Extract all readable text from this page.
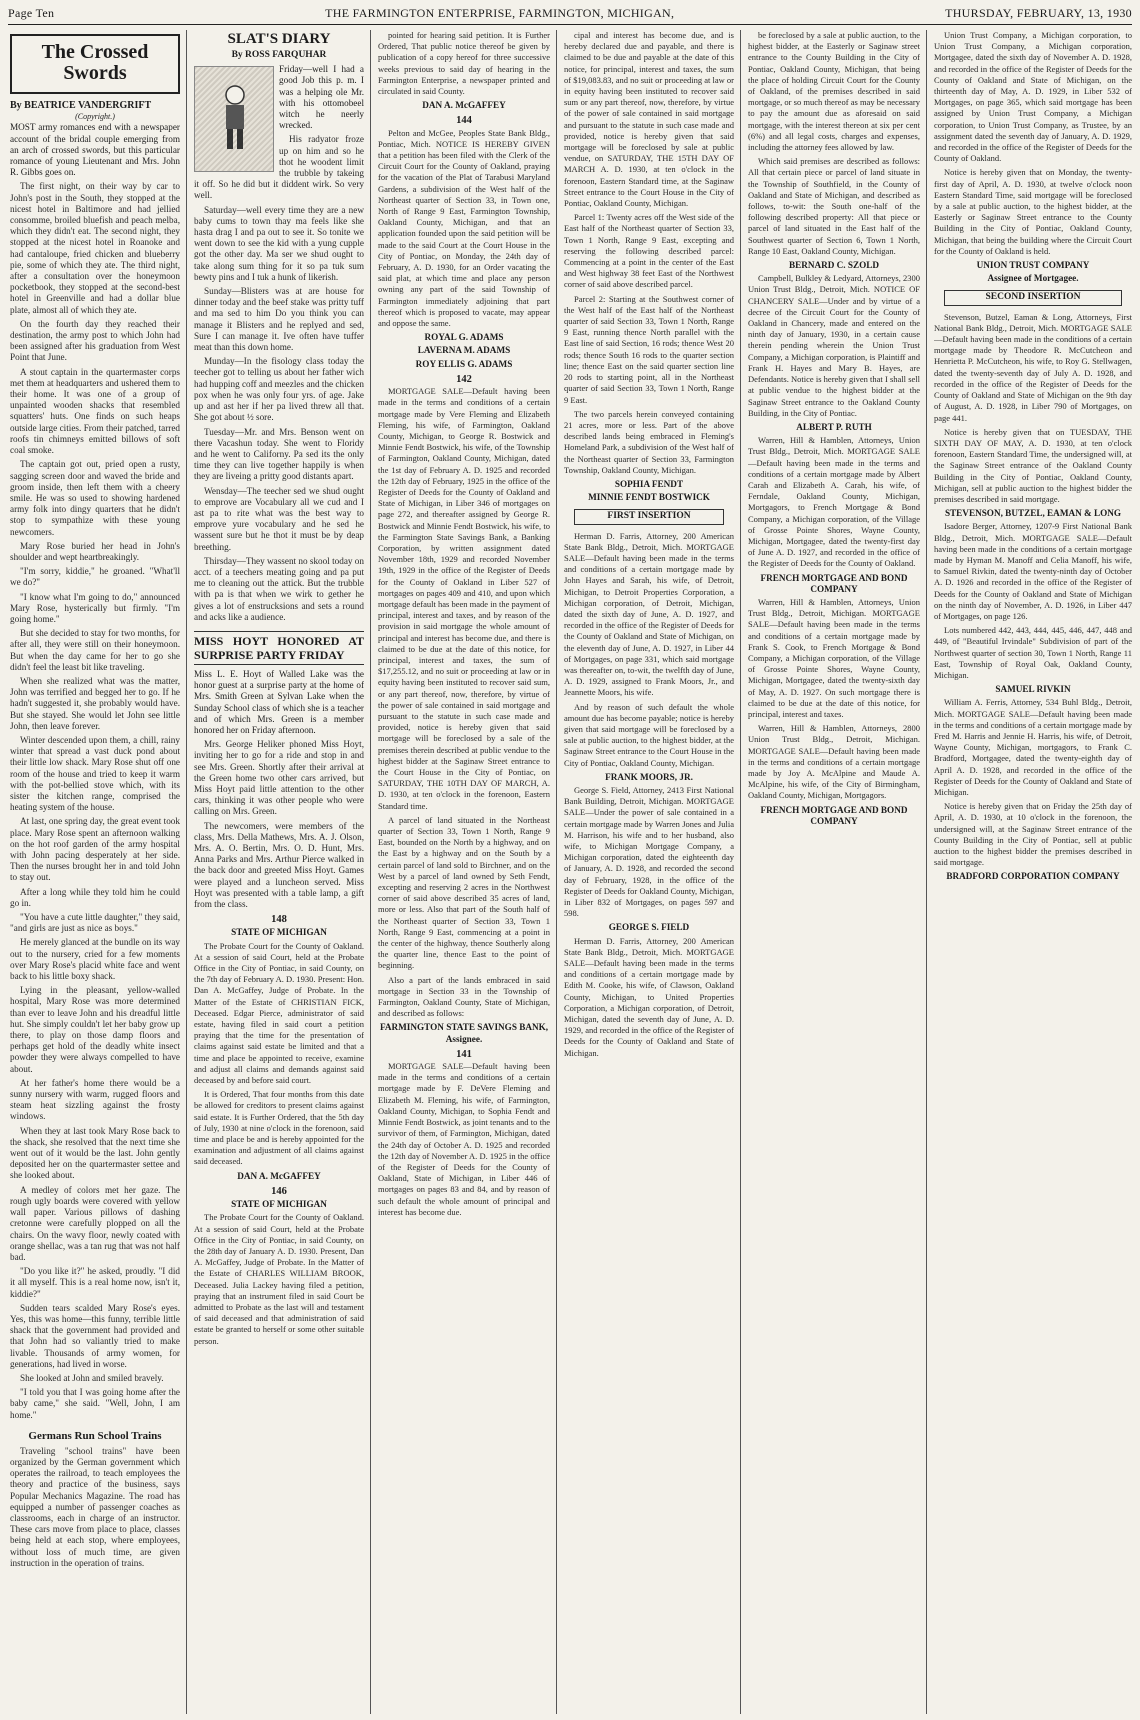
Page Ten	THE FARMINGTON ENTERPRISE, FARMINGTON, MICHIGAN,	THURSDAY, FEBRUARY, 13, 1930
The Crossed Swords
By BEATRICE VANDERGRIFT
(Copyright.)

MOST army romances end with a newspaper account of the bridal couple emerging from an arch of crossed swords, but this particular romance of young Lieutenant and Mrs. John R. Gibbs goes on.

The first night, on their way by car to John's post in the South, they stopped at the nicest hotel in Baltimore and had jellied consomme, broiled bluefish and peach melba, which they didn't eat. The second night, they stopped at the nicest hotel in Roanoke and had cantaloupe, fried chicken and blueberry pie, some of which they ate. The third night, after a consultation over the honeymoon pocketbook, they stopped at the second-best hotel in Greenville and had a dollar blue plate, almost all of which they ate.

On the fourth day they reached their destination, the army post to which John had been assigned after his graduation from West Point that June.

A stout captain in the quartermaster corps met them at headquarters and ushered them to their home. It was one of a group of unpainted wooden shacks that resembled squatters' huts. One finds on such heaps outside large cities. From their patched, tarred roofs tin chimneys emitted billows of soft coal smoke.

The captain got out, pried open a rusty, sagging screen door and waved the bride and groom inside, then left them with a cheery smile. He was so used to showing hardened army folk into dingy quarters that he didn't stop to sympathize with these young newcomers.

Mary Rose buried her head in John's shoulder and wept heartbreakingly.

"I'm sorry, kiddie," he groaned. "What'll we do?"

"I know what I'm going to do," announced Mary Rose, hysterically but firmly. "I'm going home."

But she decided to stay for two months, for after all, they were still on their honeymoon. But when the day came for her to go she didn't feel the least bit like traveling.

When she realized what was the matter, John was terrified and begged her to go. If he hadn't suggested it, she probably would have. But she stayed. She would let John see little John, then leave forever.

Winter descended upon them, a chill, rainy winter that spread a vast duck pond about their little low shack. Mary Rose shut off one room of the house and tried to keep it warm with the pot-bellied stove which, with its sister the kitchen range, comprised the heating system of the house.

At last, one spring day, the great event took place. Mary Rose spent an afternoon walking on the hot roof garden of the army hospital with John pacing desperately at her side. Then the nurses brought her in and told John to stay out.

After a long while they told him he could go in.

"You have a cute little daughter," they said, "and girls are just as nice as boys."

He merely glanced at the bundle on its way out to the nursery, cried for a few moments over Mary Rose's placid white face and went back to his little boxy shack.

Lying in the pleasant, yellow-walled hospital, Mary Rose was more determined than ever to leave John and his dreadful little hut. She simply couldn't let her baby grow up there, to play on those damp floors and perhaps get hold of the deadly white insect powder they were always compelled to have about.

At her father's home there would be a sunny nursery with warm, rugged floors and steam heat sizzling against the frosty windows.

When they at last took Mary Rose back to the shack, she resolved that the next time she went out of it would be the last. John gently deposited her on the quartermaster settee and she looked about.

A medley of colors met her gaze. The rough ugly boards were covered with yellow wall paper. Various pillows of dashing cretonne were carefully plopped on all the chairs. On the wavy floor, newly coated with orange shellac, was a tan rug that was not half bad.

"Do you like it?" he asked, proudly. "I did it all myself. This is a real home now, isn't it, kiddie?"

Sudden tears scalded Mary Rose's eyes. Yes, this was home—this funny, terrible little shack that the government had provided and that John had so valiantly tried to make livable. Thousands of army women, for generations, had lived in worse.

She looked at John and smiled bravely.

"I told you that I was going home after the baby came," she said. "Well, John, I am home."

Germans Run School Trains

Traveling "school trains" have been organized by the German government which operates the railroad, to teach employees the theory and practice of the business, says Popular Mechanics Magazine. The road has equipped a number of passenger coaches as classrooms, each in charge of an instructor. These cars move from place to place, classes being held at each stop, where employees, without loss of much time, are given instruction in the operation of trains.

SLAT'S DIARY
By ROSS FARQUHAR

Friday—well I had a good Job this p. m. I was a helping ole Mr. with his ottomobeel witch he neerly wrecked.

His radyator froze up on him and so he thot he woodent limit the trubble by takeing it off. So he did but it diddent wirk. So very well.

Saturday—well every time they are a new baby cums to town thay ma feels like she hasta drag I and pa out to see it. So tonite we went down to see the kid with a yung cupple got the other day. Ma ser we shud ought to take along sum thing for it so pa tuk sum bewty pins and I tuk a hunk of likerish.

Sunday—Blisters was at are house for dinner today and the beef stake was pritty tuff and ma sed to him Do you think you can manage it Blisters and he replyed and sed, Sure I can manage it. Ive often have tuffer meat than this down home.

Munday—In the fisology class today the teecher got to telling us about her father wich had hupping coff and meezles and the chicken pox when he was only four yrs. of age. Jake up and ast her if her pa lived threw all that. She got about ½ sore.

Tuesday—Mr. and Mrs. Benson went on there Vacashun today. She went to Floridy and he went to Californy. Pa sed its the only time they can live together happily is when they are liveing a pritty good distants apart.

Wensday—The teecher sed we shud ought to emprove are Vocabulary all we cud and I ast pa to rite what was the best way to emprove yure vocabulary and he sed he wassent sure but he thot it must be by deap breething.

Thirsday—They wassent no skool today on acct. of a teechers meating going and pa put me to cleaning out the attick. But the trubble with pa is that when we wirk to gether he gives a lot of enstrucksions and sets a round and acks like a audience.

MISS HOYT HONORED AT SURPRISE PARTY FRIDAY

Miss L. E. Hoyt of Walled Lake was the honor guest at a surprise party at the home of Mrs. Smith Green at Sylvan Lake when the Sunday School class of which she is a teacher and of which Mrs. Green is a member honored her on Friday afternoon.

Mrs. George Heliker phoned Miss Hoyt, inviting her to go for a ride and stop in and see Mrs. Green. Shortly after their arrival at the Green home two other cars arrived, but Miss Hoyt paid little attention to the other cars, thinking it was other people who were calling on Mrs. Green.

The newcomers, were members of the class, Mrs. Della Mathews, Mrs. A. J. Olson, Mrs. A. O. Bertin, Mrs. O. D. Hunt, Mrs. Anna Parks and Mrs. Arthur Pierce walked in the back door and greeted Miss Hoyt. Games were played and a luncheon served. Miss Hoyt was presented with a table lamp, a gift from the class.

148
STATE OF MICHIGAN

The Probate Court for the County of Oakland. At a session of said Court, held at the Probate Office in the City of Pontiac, in said County, on the 7th day of February A. D. 1930. Present: Hon. Dan A. McGaffey, Judge of Probate. In the Matter of the Estate of CHRISTIAN FICK, Deceased. Edgar Pierce, administrator of said estate, having filed in said court a petition praying that the time for the presentation of claims against said estate be limited and that a time and place be appointed to receive, examine and adjust all claims and demands against said deceased by and before said court.

It is Ordered, That four months from this date be allowed for creditors to present claims against said estate. It is Further Ordered, that the 5th day of July, 1930 at nine o'clock in the forenoon, said time and place be and is hereby appointed for the examination and adjustment of all claims against said deceased.

DAN A. McGAFFEY
146
STATE OF MICHIGAN

The Probate Court for the County of Oakland. At a session of said Court, held at the Probate Office in the City of Pontiac, in said County, on the 28th day of January A. D. 1930. Present, Dan A. McGaffey, Judge of Probate. In the Matter of the Estate of CHARLES WILLIAM BROOK, Deceased. Julia Lackey having filed a petition, praying that an instrument filed in said Court be admitted to Probate as the last will and testament of said deceased and that administration of said estate be granted to herself or some other suitable person.

pointed for hearing said petition. It is Further Ordered, That public notice thereof be given by publication of a copy hereof for three successive weeks previous to said day of hearing in the Farmington Enterprise, a newspaper printed and circulated in said County.

DAN A. McGAFFEY
144

Pelton and McGee, Peoples State Bank Bldg., Pontiac, Mich. NOTICE IS HEREBY GIVEN that a petition has been filed with the Clerk of the Circuit Court for the County of Oakland, praying for the vacation of the Plat of Tarabusi Maryland Gardens, a subdivision of the West half of the Northeast quarter of Section 33, in Town one, North of Range 9 East, Farmington Township, Oakland County, Michigan, and that an application founded upon the said petition will be made to the said Court at the Court House in the City of Pontiac, on Monday, the 24th day of February, A. D. 1930, for an Order vacating the said plat, at which time and place any person owning any part of the said Township of Farmington immediately adjoining that part thereof which is proposed to vacate, may appear and oppose the same.

ROYAL G. ADAMS
LAVERNA M. ADAMS
ROY ELLIS G. ADAMS
142

MORTGAGE SALE—Default having been made in the terms and conditions of a certain mortgage made by Vere Fleming and Elizabeth Fleming, his wife, of Farmington, Oakland County, Michigan, to George R. Bostwick and Minnie Fendt Bostwick, his wife, of the Township of Farmington, Oakland County, Michigan, dated the 1st day of February A. D. 1925 and recorded the 12th day of February, 1925 in the office of the Register of Deeds for the County of Oakland and State of Michigan, in Liber 346 of mortgages on page 272, and thereafter assigned by George R. Bostwick and Minnie Fendt Bostwick, his wife, to the Farmington State Savings Bank, a Banking Corporation, by written assignment dated November 18th, 1929 and recorded November 19th, 1929 in the office of the Register of Deeds for the County of Oakland in Liber 527 of mortgages on pages 409 and 410, and upon which mortgage default has been made in the payment of principal, interest and taxes, and by reason of the provision in said mortgage the whole amount of principal and interest has become due, and there is claimed to be due at the date of this notice, for principal, interest and taxes, the sum of $17,255.12, and no suit or proceeding at law or in equity having been instituted to recover said sum, or any part thereof, now, therefore, by virtue of the power of sale contained in said mortgage and pursuant to the statute in such case made and provided, notice is hereby given that said mortgage will be foreclosed by a sale of the premises therein described at public vendue to the highest bidder at the Saginaw Street entrance to the Court House in the City of Pontiac, on SATURDAY, THE 10TH DAY OF MARCH, A. D. 1930, at ten o'clock in the forenoon, Eastern Standard time.

A parcel of land situated in the Northeast quarter of Section 33, Town 1 North, Range 9 East, bounded on the North by a highway, and on the East by a highway and on the South by a certain parcel of land sold to Birchner, and on the West by a parcel of land owned by Seth Fendt, excepting and reserving 2 acres in the Northwest corner of said above described 35 acres of land, more or less. Also that part of the South half of the Northeast quarter of Section 33, Town 1 North, Range 9 East, commencing at a point in the center of the highway, thence Southerly along the quarter line, thence East to the point of beginning.

Also a part of the lands embraced in said mortgage in Section 33 in the Township of Farmington, Oakland County, State of Michigan, and described as follows:

FARMINGTON STATE SAVINGS BANK, Assignee.
141

MORTGAGE SALE—Default having been made in the terms and conditions of a certain mortgage made by F. DeVere Fleming and Elizabeth M. Fleming, his wife, of Farmington, Oakland County, Michigan, to Sophia Fendt and Minnie Fendt Bostwick, as joint tenants and to the survivor of them, of Farmington, Michigan, dated the 24th day of October A. D. 1925 and recorded the 12th day of November A. D. 1925 in the office of the Register of Deeds for the County of Oakland, State of Michigan, in Liber 446 of mortgages on pages 83 and 84, and by reason of such default the whole amount of principal and interest has become due.

cipal and interest has become due, and is hereby declared due and payable, and there is claimed to be due and payable at the date of this notice, for principal, interest and taxes, the sum of $19,083.83, and no suit or proceeding at law or in equity having been instituted to recover said sum or any part thereof, now, therefore, by virtue of the power of sale contained in said mortgage and pursuant to the statute in such case made and provided, notice is hereby given that said mortgage will be foreclosed by sale at public vendue, on SATURDAY, THE 15TH DAY OF MARCH A. D. 1930, at ten o'clock in the forenoon, Eastern Standard time, at the Saginaw Street entrance to the Court House in the City of Pontiac, Oakland County, Michigan.

Parcel 1: Twenty acres off the West side of the East half of the Northeast quarter of Section 33, Town 1 North, Range 9 East, excepting and reserving the following described parcel: Commencing at a point in the center of the East and West highway 38 feet East of the Northwest corner of said above described parcel.

Parcel 2: Starting at the Southwest corner of the West half of the East half of the Northeast quarter of said Section 33, Town 1 North, Range 9 East, running thence North parallel with the East line of said Section, 16 rods; thence West 20 rods; thence South 16 rods to the quarter section line; thence East on the said quarter section line 20 rods to starting point, all in the Northeast quarter of said Section 33, Town 1 North, Range 9 East.

The two parcels herein conveyed containing 21 acres, more or less. Part of the above described lands being embraced in Fleming's Homeland Park, a subdivision of the West half of the Northeast quarter of Section 33, Farmington Township, Oakland County, Michigan.

SOPHIA FENDT
MINNIE FENDT BOSTWICK
FIRST INSERTION

Herman D. Farris, Attorney, 200 American State Bank Bldg., Detroit, Mich. MORTGAGE SALE—Default having been made in the terms and conditions of a certain mortgage made by John Hayes and Sarah, his wife, of Detroit, Michigan, to Detroit Properties Corporation, a Michigan corporation, of Detroit, Michigan, dated the sixth day of June, A. D. 1927, and recorded in the office of the Register of Deeds for the County of Oakland and State of Michigan, on the eleventh day of June, A. D. 1927, in Liber 44 of Mortgages, on page 331, which said mortgage was thereafter on, to-wit, the twelfth day of June, A. D. 1929, assigned to Frank Moors, Jr., and Jeannette Moors, his wife.

And by reason of such default the whole amount due has become payable; notice is hereby given that said mortgage will be foreclosed by a sale at public auction, to the highest bidder, at the Saginaw Street entrance to the Court House in the City of Pontiac, Oakland County, Michigan.

FRANK MOORS, JR.

George S. Field, Attorney, 2413 First National Bank Building, Detroit, Michigan. MORTGAGE SALE—Under the power of sale contained in a certain mortgage made by Warren Jones and Julia M. Harrison, his wife and to her husband, also wife, to Michigan Mortgage Company, a Michigan corporation, dated the eighteenth day of January, A. D. 1928, and recorded the second day of February, 1928, in the office of the Register of Deeds for Oakland County, Michigan, in Liber 832 of Mortgages, on pages 597 and 598.

GEORGE S. FIELD

Herman D. Farris, Attorney, 200 American State Bank Bldg., Detroit, Mich. MORTGAGE SALE—Default having been made in the terms and conditions of a certain mortgage made by Edith M. Cooke, his wife, of Clawson, Oakland County, Michigan, to United Properties Corporation, a Michigan corporation, of Detroit, Michigan, dated the seventh day of June, A. D. 1929, and recorded in the office of the Register of Deeds for the County of Oakland and State of Michigan.

be foreclosed by a sale at public auction, to the highest bidder, at the Easterly or Saginaw street entrance to the County Building in the City of Pontiac, Oakland County, Michigan, that being the place of holding Circuit Court for the County of Oakland, of the premises described in said mortgage, or so much thereof as may be necessary to pay the amount due as aforesaid on said mortgage, with the interest thereon at six per cent (6%) and all legal costs, charges and expenses, including the attorney fees allowed by law.

Which said premises are described as follows: All that certain piece or parcel of land situate in the Township of Southfield, in the County of Oakland and State of Michigan, and described as follows, to-wit: the South one-half of the following described property: All that piece or parcel of land situated in the East half of the Southwest quarter of Section 6, Town 1 North, Range 10 East, Oakland County, Michigan.

BERNARD C. SZOLD

Campbell, Bulkley & Ledyard, Attorneys, 2300 Union Trust Bldg., Detroit, Mich. NOTICE OF CHANCERY SALE—Under and by virtue of a decree of the Circuit Court for the County of Oakland in Chancery, made and entered on the ninth day of January, 1930, in a certain cause therein pending wherein the Union Trust Company, a Michigan corporation, is Plaintiff and Frank H. Hayes and Mary B. Hayes, are Defendants. Notice is hereby given that I shall sell at public vendue to the highest bidder at the Saginaw Street entrance to the Oakland County Building, in the City of Pontiac.

ALBERT P. RUTH

Warren, Hill & Hamblen, Attorneys, Union Trust Bldg., Detroit, Mich. MORTGAGE SALE—Default having been made in the terms and conditions of a certain mortgage made by Albert Carah and Elizabeth A. Carah, his wife, of Ferndale, Oakland County, Michigan, Mortgagors, to French Mortgage & Bond Company, a Michigan corporation, of the Village of Grosse Pointe Shores, Wayne County, Michigan, Mortgagee, dated the twenty-first day of June A. D. 1927, and recorded in the office of the Register of Deeds for the County of Oakland.

FRENCH MORTGAGE AND BOND COMPANY

Warren, Hill & Hamblen, Attorneys, Union Trust Bldg., Detroit, Michigan. MORTGAGE SALE—Default having been made in the terms and conditions of a certain mortgage made by Frank S. Cook, to French Mortgage & Bond Company, a Michigan corporation, of the Village of Grosse Pointe Shores, Wayne County, Michigan, Mortgagee, dated the twenty-sixth day of May, A. D. 1927. On such mortgage there is claimed to be due at the date of this notice, for principal, interest and taxes.

Warren, Hill & Hamblen, Attorneys, 2800 Union Trust Bldg., Detroit, Michigan. MORTGAGE SALE—Default having been made in the terms and conditions of a certain mortgage made by Joy A. McAlpine and Maude A. McAlpine, his wife, of the City of Birmingham, Oakland County, Michigan, Mortgagors.

FRENCH MORTGAGE AND BOND COMPANY

Union Trust Company, a Michigan corporation, to Union Trust Company, a Michigan corporation, Mortgagee, dated the sixth day of November A. D. 1928, and recorded in the office of the Register of Deeds for the County of Oakland and State of Michigan, on the thirteenth day of May, A. D. 1929, in Liber 532 of Mortgages, on page 365, which said mortgage has been assigned by Union Trust Company, a Michigan corporation, to Union Trust Company, as Trustee, by an assignment dated the seventh day of January, A. D. 1929, and recorded in the office of the Register of Deeds for the County of Oakland.

Notice is hereby given that on Monday, the twenty-first day of April, A. D. 1930, at twelve o'clock noon Eastern Standard Time, said mortgage will be foreclosed by a sale at public auction, to the highest bidder, at the Easterly or Saginaw Street entrance to the County Building in the City of Pontiac, Oakland County, Michigan, that being the building where the Circuit Court for the County of Oakland is held.

UNION TRUST COMPANY
Assignee of Mortgagee.
SECOND INSERTION

Stevenson, Butzel, Eaman & Long, Attorneys, First National Bank Bldg., Detroit, Mich. MORTGAGE SALE—Default having been made in the conditions of a certain mortgage made by Theodore R. McCutcheon and Henrietta P. McCutcheon, his wife, to Roy G. Stellwagen, dated the twenty-seventh day of July A. D. 1928, and recorded in the office of the Register of Deeds for the County of Oakland and State of Michigan on the 9th day of August, A. D. 1928, in Liber 790 of Mortgages, on page 441.

Notice is hereby given that on TUESDAY, THE SIXTH DAY OF MAY, A. D. 1930, at ten o'clock forenoon, Eastern Standard Time, the undersigned will, at the Saginaw Street entrance of the Oakland County Building in the City of Pontiac, Oakland County, Michigan, sell at public auction to the highest bidder the premises described in said mortgage.

STEVENSON, BUTZEL, EAMAN & LONG

Isadore Berger, Attorney, 1207-9 First National Bank Bldg., Detroit, Mich. MORTGAGE SALE—Default having been made in the conditions of a certain mortgage made by Hyman M. Manoff and Celia Manoff, his wife, to Samuel Rivkin, dated the twenty-ninth day of October A. D. 1926 and recorded in the office of the Register of Deeds for the County of Oakland and State of Michigan on the ninth day of November, A. D. 1926, in Liber 447 of Mortgages, on page 126.

Lots numbered 442, 443, 444, 445, 446, 447, 448 and 449, of "Beautiful Irvindale" Subdivision of part of the Northwest quarter of section 30, Town 1 North, Range 11 East, Township of Royal Oak, Oakland County, Michigan.

SAMUEL RIVKIN

William A. Ferris, Attorney, 534 Buhl Bldg., Detroit, Mich. MORTGAGE SALE—Default having been made in the terms and conditions of a certain mortgage made by Fred M. Harris and Jennie H. Harris, his wife, of Detroit, Wayne County, Michigan, mortgagors, to Frank C. Bradford, Mortgagee, dated the twenty-eighth day of April A. D. 1928, and recorded in the office of the Register of Deeds for the County of Oakland and State of Michigan.

Notice is hereby given that on Friday the 25th day of April, A. D. 1930, at 10 o'clock in the forenoon, the undersigned will, at the Saginaw Street entrance of the County Building in the City of Pontiac, sell at public auction to the highest bidder the premises described in said mortgage.

BRADFORD CORPORATION COMPANY
